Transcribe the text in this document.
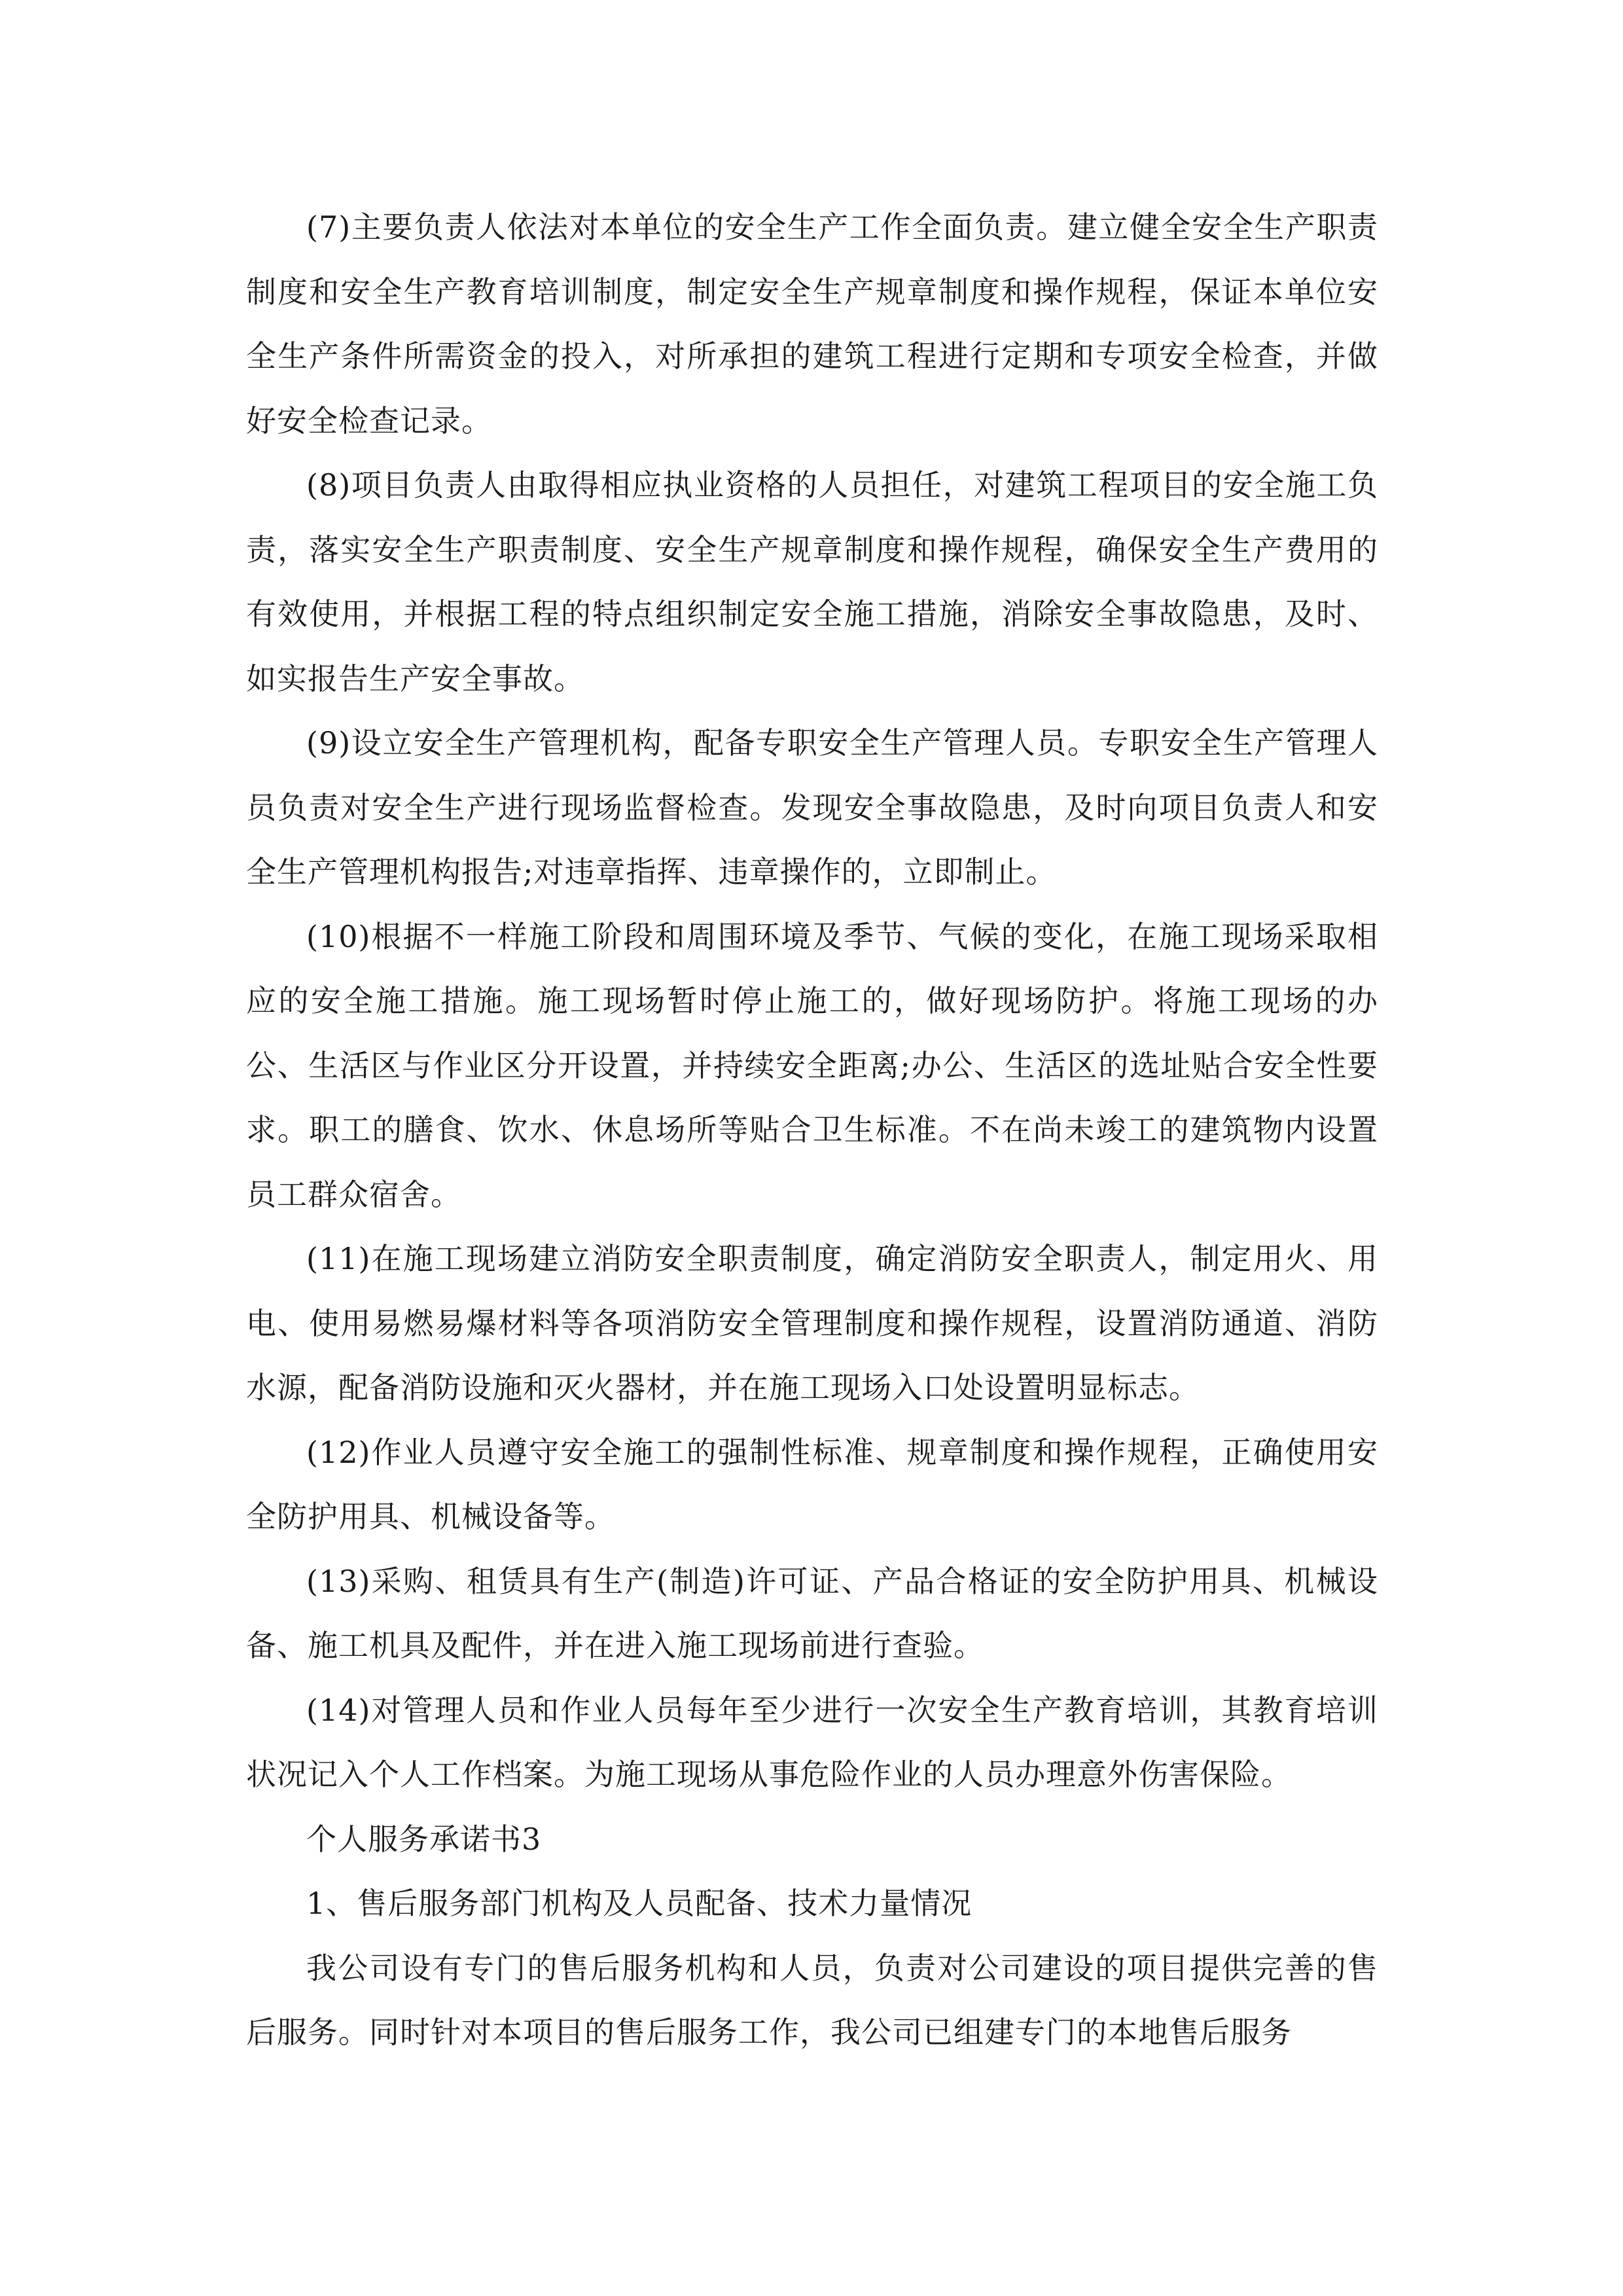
(7)主要负责人依法对本单位的安全生产工作全面负责。建立健全安全生产职责制度和安全生产教育培训制度，制定安全生产规章制度和操作规程，保证本单位安全生产条件所需资金的投入，对所承担的建筑工程进行定期和专项安全检查，并做好安全检查记录。

(8)项目负责人由取得相应执业资格的人员担任，对建筑工程项目的安全施工负责，落实安全生产职责制度、安全生产规章制度和操作规程，确保安全生产费用的有效使用，并根据工程的特点组织制定安全施工措施，消除安全事故隐患，及时、如实报告生产安全事故。

(9)设立安全生产管理机构，配备专职安全生产管理人员。专职安全生产管理人员负责对安全生产进行现场监督检查。发现安全事故隐患，及时向项目负责人和安全生产管理机构报告;对违章指挥、违章操作的，立即制止。

(10)根据不一样施工阶段和周围环境及季节、气候的变化，在施工现场采取相应的安全施工措施。施工现场暂时停止施工的，做好现场防护。将施工现场的办公、生活区与作业区分开设置，并持续安全距离;办公、生活区的选址贴合安全性要求。职工的膳食、饮水、休息场所等贴合卫生标准。不在尚未竣工的建筑物内设置员工群众宿舍。

(11)在施工现场建立消防安全职责制度，确定消防安全职责人，制定用火、用电、使用易燃易爆材料等各项消防安全管理制度和操作规程，设置消防通道、消防水源，配备消防设施和灭火器材，并在施工现场入口处设置明显标志。

(12)作业人员遵守安全施工的强制性标准、规章制度和操作规程，正确使用安全防护用具、机械设备等。

(13)采购、租赁具有生产(制造)许可证、产品合格证的安全防护用具、机械设备、施工机具及配件，并在进入施工现场前进行查验。

(14)对管理人员和作业人员每年至少进行一次安全生产教育培训，其教育培训状况记入个人工作档案。为施工现场从事危险作业的人员办理意外伤害保险。

个人服务承诺书3

1、售后服务部门机构及人员配备、技术力量情况

我公司设有专门的售后服务机构和人员，负责对公司建设的项目提供完善的售后服务。同时针对本项目的售后服务工作，我公司已组建专门的本地售后服务
